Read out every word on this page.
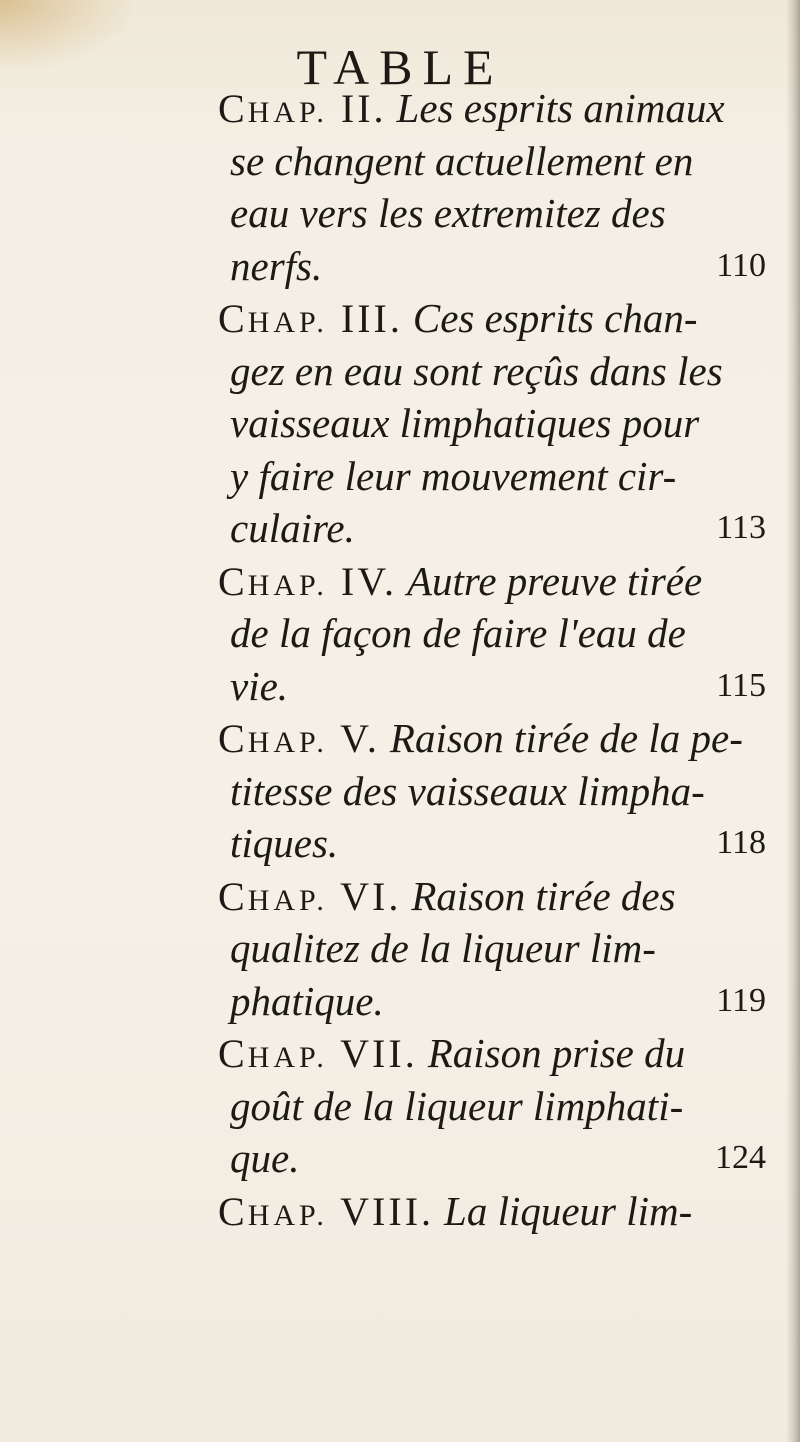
TABLE
CHAP. II. Les esprits animaux
se changent actuellement en
eau vers les extremitez des
nerfs.	110
CHAP. III. Ces esprits chan-
gez en eau sont reçûs dans les
vaisseaux limphatiques pour
y faire leur mouvement cir-
culaire.	113
CHAP. IV. Autre preuve tirée
de la façon de faire l'eau de
vie.	115
CHAP. V. Raison tirée de la pe-
titesse des vaisseaux limpha-
tiques.	118
CHAP. VI. Raison tirée des
qualitez de la liqueur lim-
phatique.	119
CHAP. VII. Raison prise du
goût de la liqueur limphati-
que.	124
CHAP. VIII. La liqueur lim-
